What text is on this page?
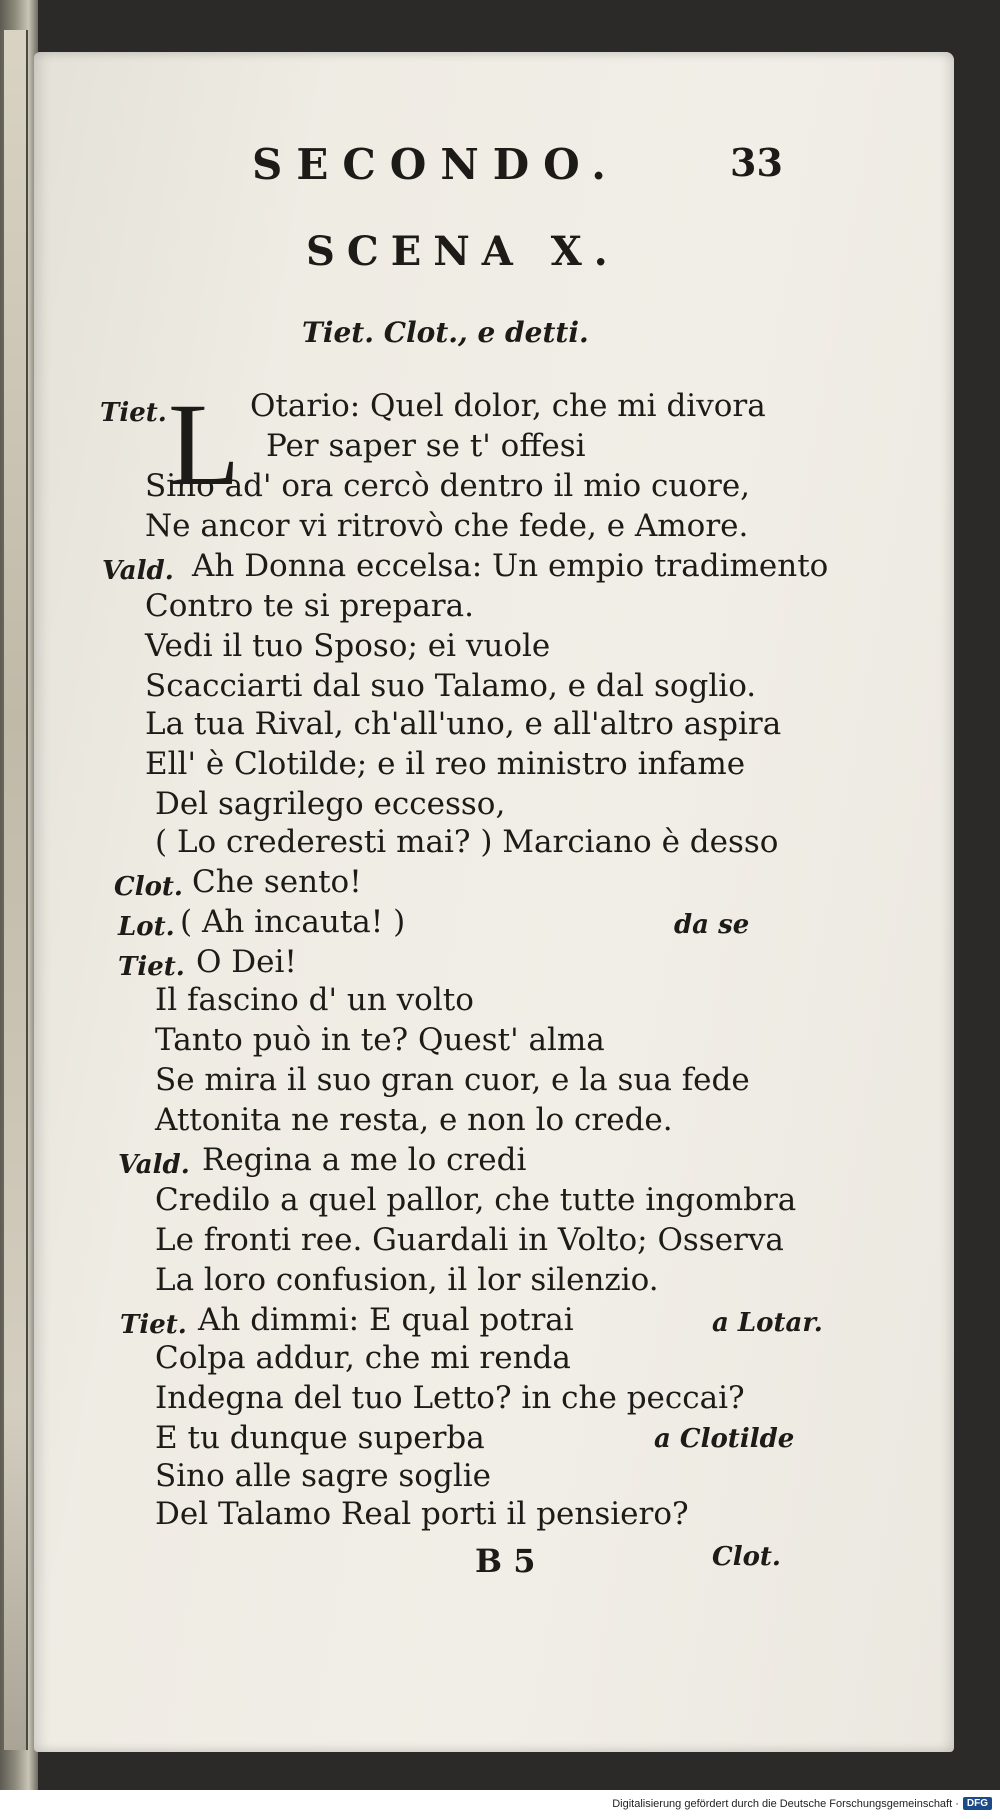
SECONDO.	33
SCENA X.
Tiet. Clot., e detti.
L
Tiet.	Otario: Quel dolor, che mi divora
Per saper se t' offesi
Sino ad' ora cercò dentro il mio cuore,
Ne ancor vi ritrovò che fede, e Amore.
Vald. Ah Donna eccelsa: Un empio tradimento
Contro te si prepara.
Vedi il tuo Sposo; ei vuole
Scacciarti dal suo Talamo, e dal soglio.
La tua Rival, ch'all'uno, e all'altro aspira
Ell' è Clotilde; e il reo ministro infame
Del sagrilego eccesso,
( Lo crederesti mai? ) Marciano è desso
Clot. Che sento!
Lot. ( Ah incauta! )	da se
Tiet. O Dei!
Il fascino d' un volto
Tanto può in te? Quest' alma
Se mira il suo gran cuor, e la sua fede
Attonita ne resta, e non lo crede.
Vald. Regina a me lo credi
Credilo a quel pallor, che tutte ingombra
Le fronti ree. Guardali in Volto; Osserva
La loro confusion, il lor silenzio.
Tiet. Ah dimmi: E qual potrai	a Lotar.
Colpa addur, che mi renda
Indegna del tuo Letto? in che peccai?
E tu dunque superba	a Clotilde
Sino alle sagre soglie
Del Talamo Real porti il pensiero?
B 5	Clot.
Digitalisierung gefördert durch die Deutsche Forschungsgemeinschaft · DFG
